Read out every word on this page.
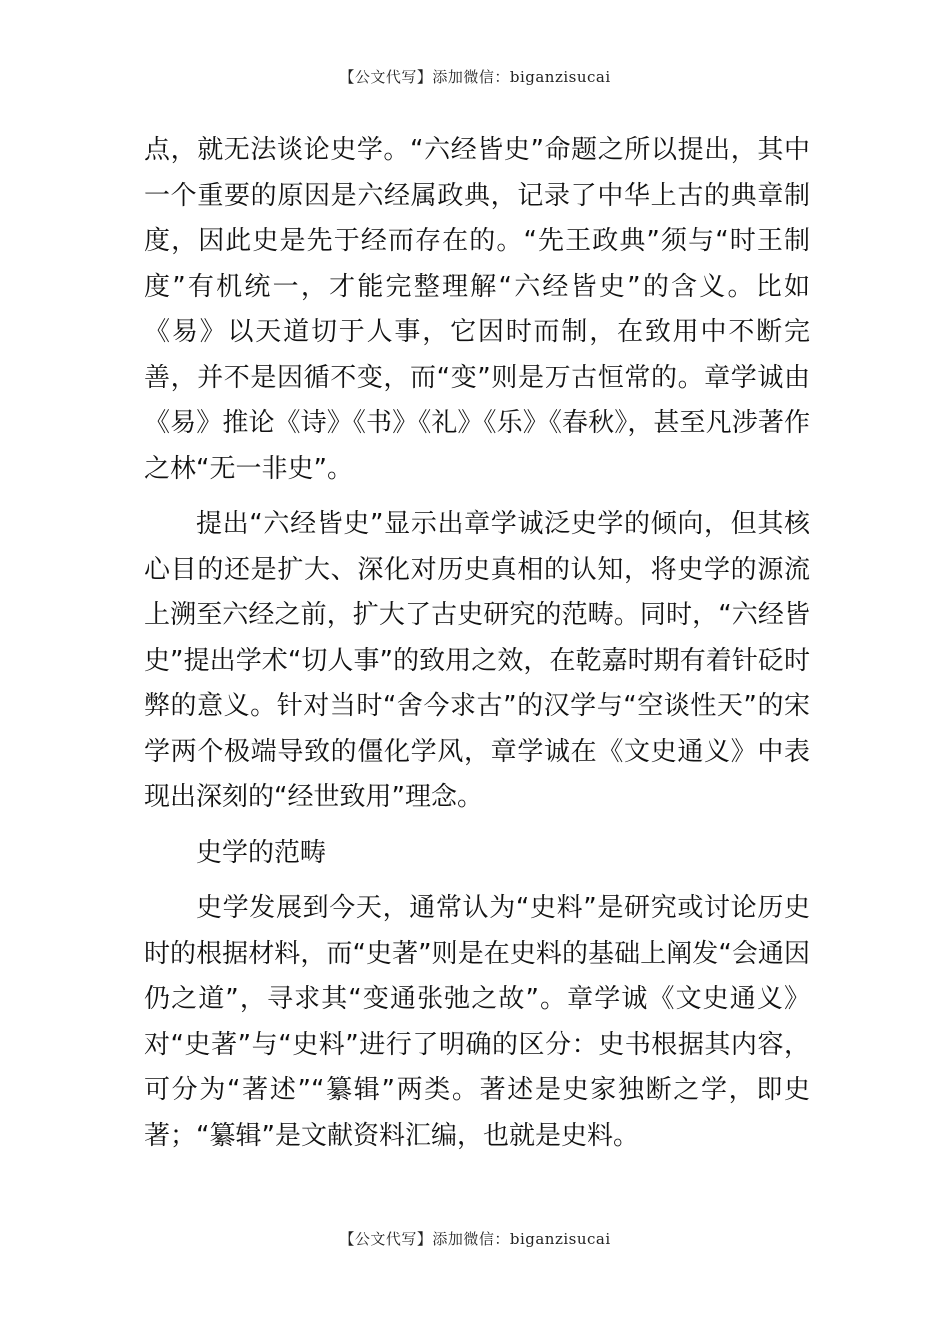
【公文代写】添加微信：biganzisucai

点，就无法谈论史学。“六经皆史”命题之所以提出，其中一个重要的原因是六经属政典，记录了中华上古的典章制度，因此史是先于经而存在的。“先王政典”须与“时王制度”有机统一，才能完整理解“六经皆史”的含义。比如《易》以天道切于人事，它因时而制，在致用中不断完善，并不是因循不变，而“变”则是万古恒常的。章学诚由《易》推论《诗》《书》《礼》《乐》《春秋》，甚至凡涉著作之林“无一非史”。

提出“六经皆史”显示出章学诚泛史学的倾向，但其核心目的还是扩大、深化对历史真相的认知，将史学的源流上溯至六经之前，扩大了古史研究的范畴。同时，“六经皆史”提出学术“切人事”的致用之效，在乾嘉时期有着针砭时弊的意义。针对当时“舍今求古”的汉学与“空谈性天”的宋学两个极端导致的僵化学风，章学诚在《文史通义》中表现出深刻的“经世致用”理念。

史学的范畴

史学发展到今天，通常认为“史料”是研究或讨论历史时的根据材料，而“史著”则是在史料的基础上阐发“会通因仍之道”，寻求其“变通张弛之故”。章学诚《文史通义》对“史著”与“史料”进行了明确的区分：史书根据其内容，可分为“著述”“纂辑”两类。著述是史家独断之学，即史著；“纂辑”是文献资料汇编，也就是史料。

【公文代写】添加微信：biganzisucai
